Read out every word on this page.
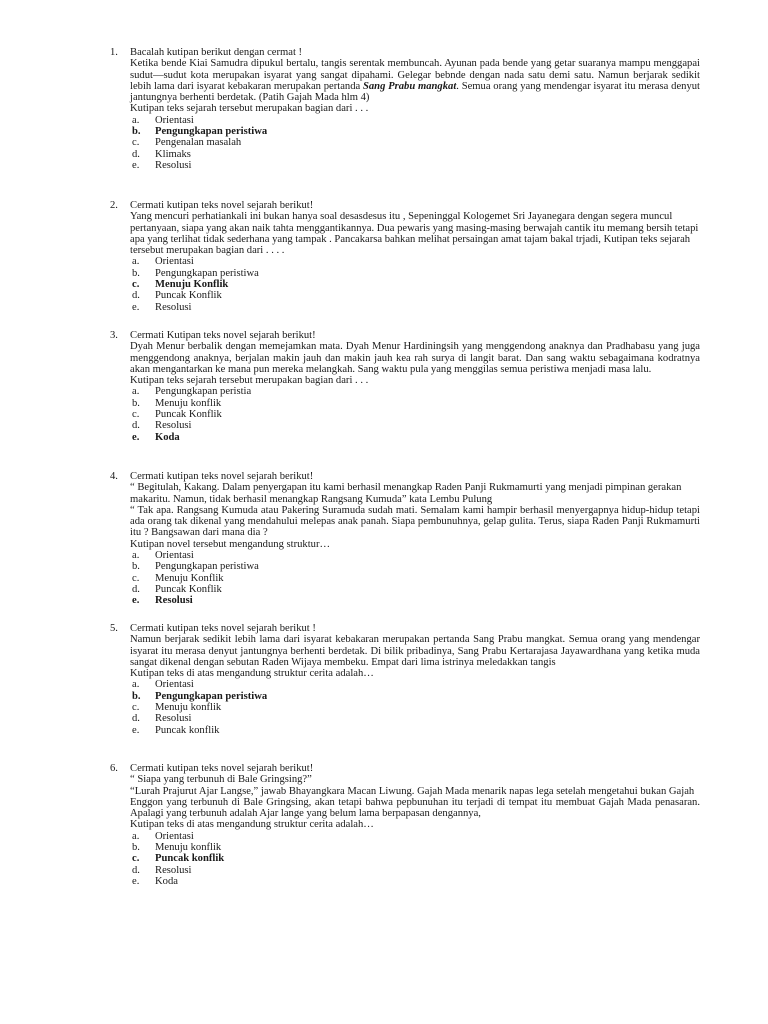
1. Bacalah kutipan berikut dengan cermat !

Ketika bende Kiai Samudra dipukul bertalu, tangis serentak membuncah. Ayunan pada bende yang getar suaranya mampu menggapai sudut—sudut kota merupakan isyarat yang sangat dipahami. Gelegar bebnde dengan nada satu demi satu. Namun berjarak sedikit lebih lama dari isyarat kebakaran merupakan pertanda Sang Prabu mangkat. Semua orang yang mendengar isyarat itu merasa denyut jantungnya berhenti berdetak. (Patih Gajah Mada hlm 4)

Kutipan teks sejarah tersebut merupakan bagian dari . . .

a. Orientasi
b. Pengungkapan peristiwa
c. Pengenalan masalah
d. Klimaks
e. Resolusi
2. Cermati kutipan teks novel sejarah berikut!

Yang mencuri perhatiankali ini bukan hanya soal desasdesus itu , Sepeninggal Kologemet Sri Jayanegara dengan segera muncul pertanyaan, siapa yang akan naik tahta menggantikannya. Dua pewaris yang masing-masing berwajah cantik itu memang bersih tetapi apa yang terlihat tidak sederhana yang tampak . Pancakarsa bahkan melihat persaingan amat tajam bakal trjadi, Kutipan teks sejarah tersebut merupakan bagian dari . . . .

a. Orientasi
b. Pengungkapan peristiwa
c. Menuju Konflik
d. Puncak Konflik
e. Resolusi
3. Cermati Kutipan teks novel sejarah berikut!

Dyah Menur berbalik dengan memejamkan mata. Dyah Menur Hardiningsih yang menggendong anaknya dan Pradhabasu yang juga menggendong anaknya, berjalan makin jauh dan makin jauh kea rah surya di langit barat. Dan sang waktu sebagaimana kodratnya akan mengantarkan ke mana pun mereka melangkah. Sang waktu pula yang menggilas semua peristiwa menjadi masa lalu.

Kutipan teks sejarah tersebut merupakan bagian dari . . .

a. Pengungkapan peristia
b. Menuju konflik
c. Puncak Konflik
d. Resolusi
e. Koda
4. Cermati kutipan teks novel sejarah berikut!

“ Begitulah, Kakang. Dalam penyergapan itu kami berhasil menangkap Raden Panji Rukmamurti yang menjadi pimpinan gerakan makaritu. Namun, tidak berhasil menangkap Rangsang Kumuda” kata Lembu Pulung

“ Tak apa. Rangsang Kumuda atau Pakering Suramuda sudah mati. Semalam kami hampir berhasil menyergapnya hidup-hidup tetapi ada orang tak dikenal yang mendahului melepas anak panah. Siapa pembunuhnya, gelap gulita. Terus, siapa Raden Panji Rukmamurti itu ? Bangsawan dari mana dia ?

Kutipan novel tersebut mengandung struktur…

a. Orientasi
b. Pengungkapan peristiwa
c. Menuju Konflik
d. Puncak Konflik
e. Resolusi
5. Cermati kutipan teks novel sejarah berikut !

Namun berjarak sedikit lebih lama dari isyarat kebakaran merupakan pertanda Sang Prabu mangkat. Semua orang yang mendengar isyarat itu merasa denyut jantungnya berhenti berdetak. Di bilik pribadinya, Sang Prabu Kertarajasa Jayawardhana yang ketika muda sangat dikenal dengan sebutan Raden Wijaya membeku. Empat dari lima istrinya meledakkan tangis

Kutipan teks di atas mengandung struktur cerita adalah…

a. Orientasi
b. Pengungkapan peristiwa
c. Menuju konflik
d. Resolusi
e. Puncak konflik
6. Cermati kutipan teks novel sejarah berikut!

“ Siapa yang terbunuh di Bale Gringsing?”

“Lurah Prajurut Ajar Langse,” jawab Bhayangkara Macan Liwung. Gajah Mada menarik napas lega setelah mengetahui bukan Gajah

Enggon yang terbunuh di Bale Gringsing, akan tetapi bahwa pepbunuhan itu terjadi di tempat itu membuat Gajah Mada penasaran. Apalagi yang terbunuh adalah Ajar lange yang belum lama berpapasan dengannya,

Kutipan teks di atas mengandung struktur cerita adalah…

a. Orientasi
b. Menuju konflik
c. Puncak konflik
d. Resolusi
e. Koda
